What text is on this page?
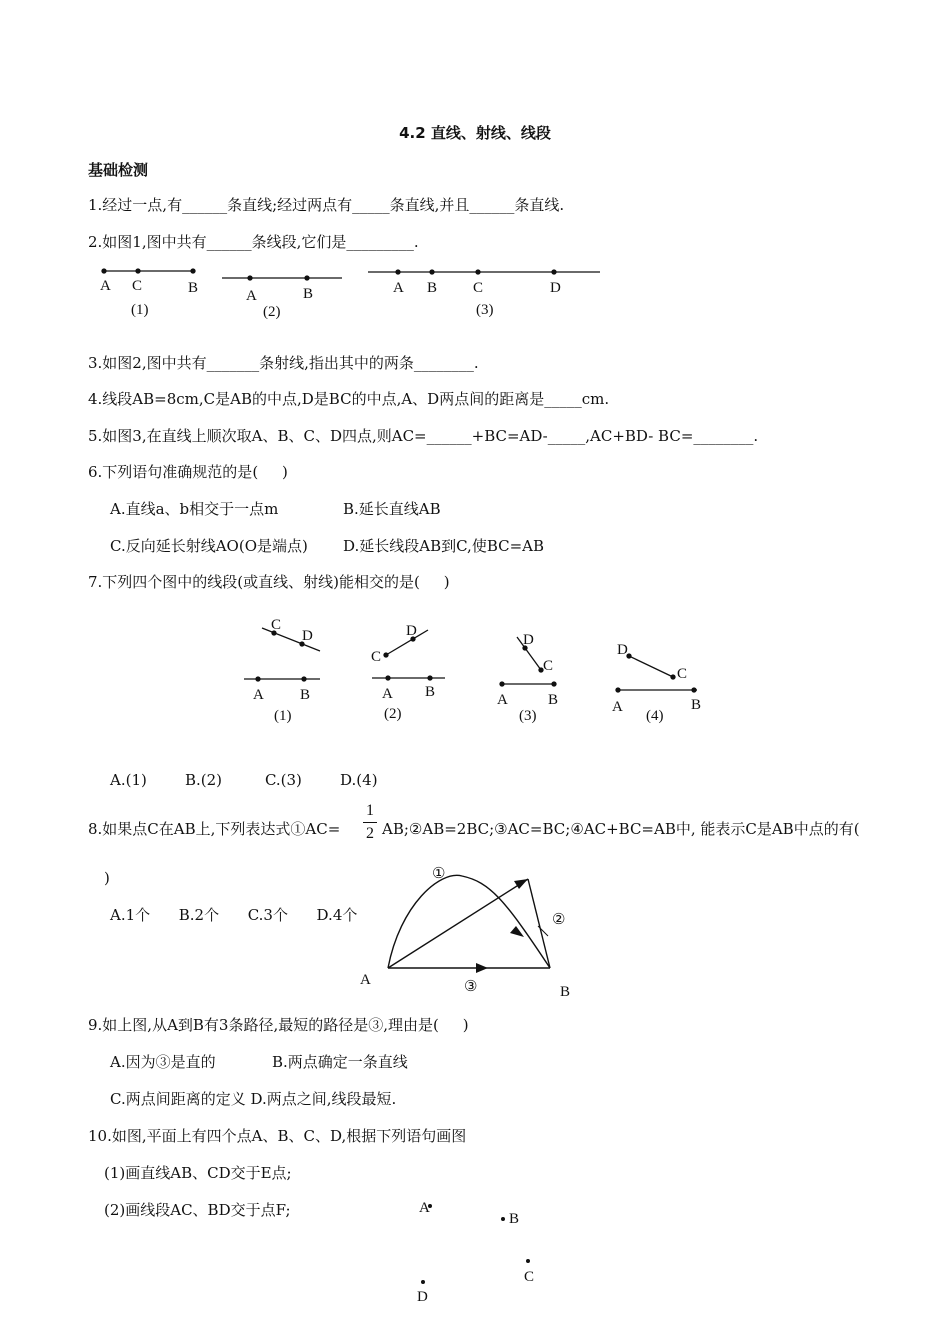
4.2 直线、射线、线段
基础检测
1.经过一点,有______条直线;经过两点有_____条直线,并且______条直线.
2.如图1,图中共有______条线段,它们是_________.
A C	B
(1)
A	B
(2)
A B C	D
(3)
3.如图2,图中共有_______条射线,指出其中的两条________.
4.线段AB=8cm,C是AB的中点,D是BC的中点,A、D两点间的距离是_____cm.
5.如图3,在直线上顺次取A、B、C、D四点,则AC=______+BC=AD-_____,AC+BD- BC=________.
6.下列语句准确规范的是(     )
A.直线a、b相交于一点m	B.延长直线AB
C.反向延长射线AO(O是端点) D.延长线段AB到C,使BC=AB
7.下列四个图中的线段(或直线、射线)能相交的是(     )
C
D
A B
(1)
D
C
A B
(2)
D
C
A	B
(3)
D
C
A	B
(4)
A.(1)        B.(2)         C.(3)        D.(4)
8.如果点C在AB上,下列表达式①AC=
1
2 AB;②AB=2BC;③AC=BC;④AC+BC=AB中, 能表示C是AB中点的有(
)
A.1个      B.2个      C.3个      D.4个
①
②
③
A
B
9.如上图,从A到B有3条路径,最短的路径是③,理由是(     )
A.因为③是直的	B.两点确定一条直线
C.两点间距离的定义 D.两点之间,线段最短.
10.如图,平面上有四个点A、B、C、D,根据下列语句画图
(1)画直线AB、CD交于E点;
(2)画线段AC、BD交于点F;	A
B
C
D
